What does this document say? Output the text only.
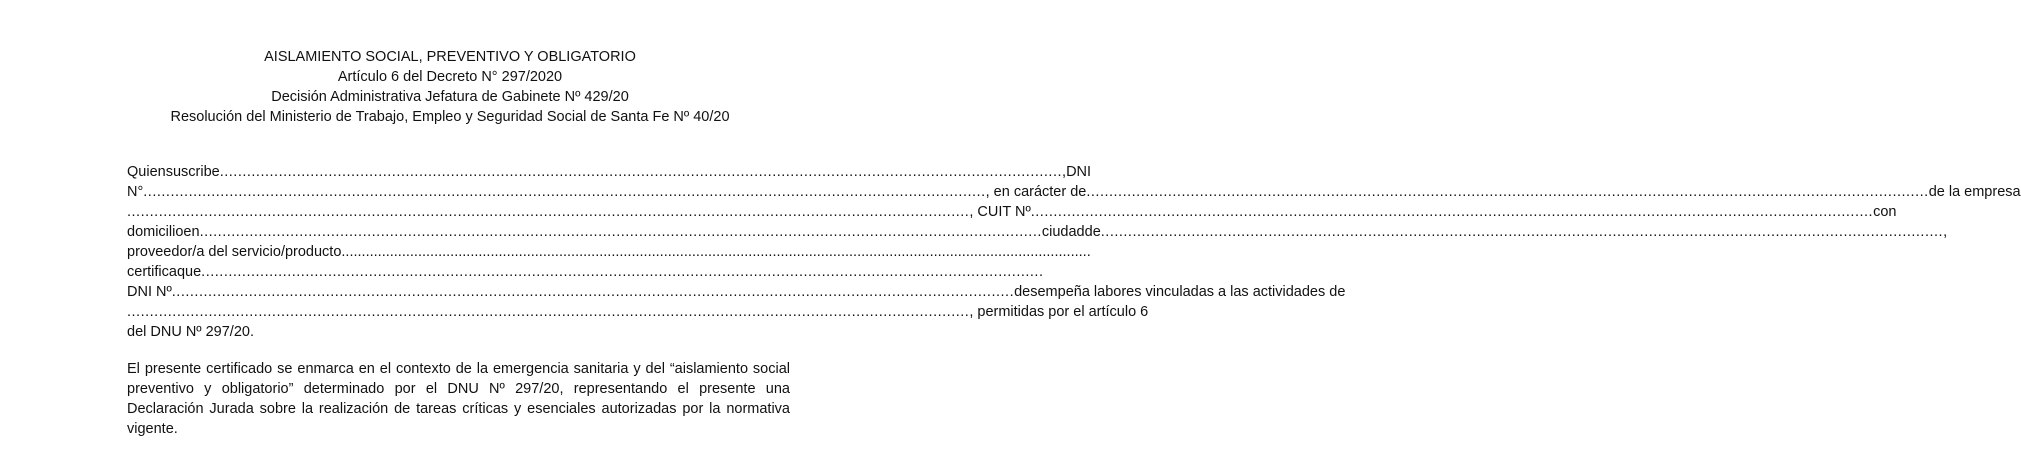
AISLAMIENTO SOCIAL, PREVENTIVO Y OBLIGATORIO
Artículo 6 del Decreto N° 297/2020
Decisión Administrativa Jefatura de Gabinete Nº 429/20
Resolución del Ministerio de Trabajo, Empleo y Seguridad Social de Santa Fe Nº 40/20
Quien suscribe .......................................................................................................................................................................................... , DNI
N° .......................................................................................................................................................................................... , en carácter de .......................................................................................................................................................................................... de la empresa
.......................................................................................................................................................................................... , CUIT Nº .......................................................................................................................................................................................... con
domicilio en .......................................................................................................................................................................................... ciudad de .......................................................................................................................................................................................... ,
proveedor/a del servicio/producto ..........................................................................................................................................................................................
certifica que ..........................................................................................................................................................................................
DNI Nº .......................................................................................................................................................................................... desempeña labores vinculadas a las actividades de
.......................................................................................................................................................................................... , permitidas por el artículo 6
del DNU Nº 297/20.
El presente certificado se enmarca en el contexto de la emergencia sanitaria y del “aislamiento social preventivo y obligatorio” determinado por el DNU Nº 297/20, representando el presente una Declaración Jurada sobre la realización de tareas críticas y esenciales autorizadas por la normativa vigente.
